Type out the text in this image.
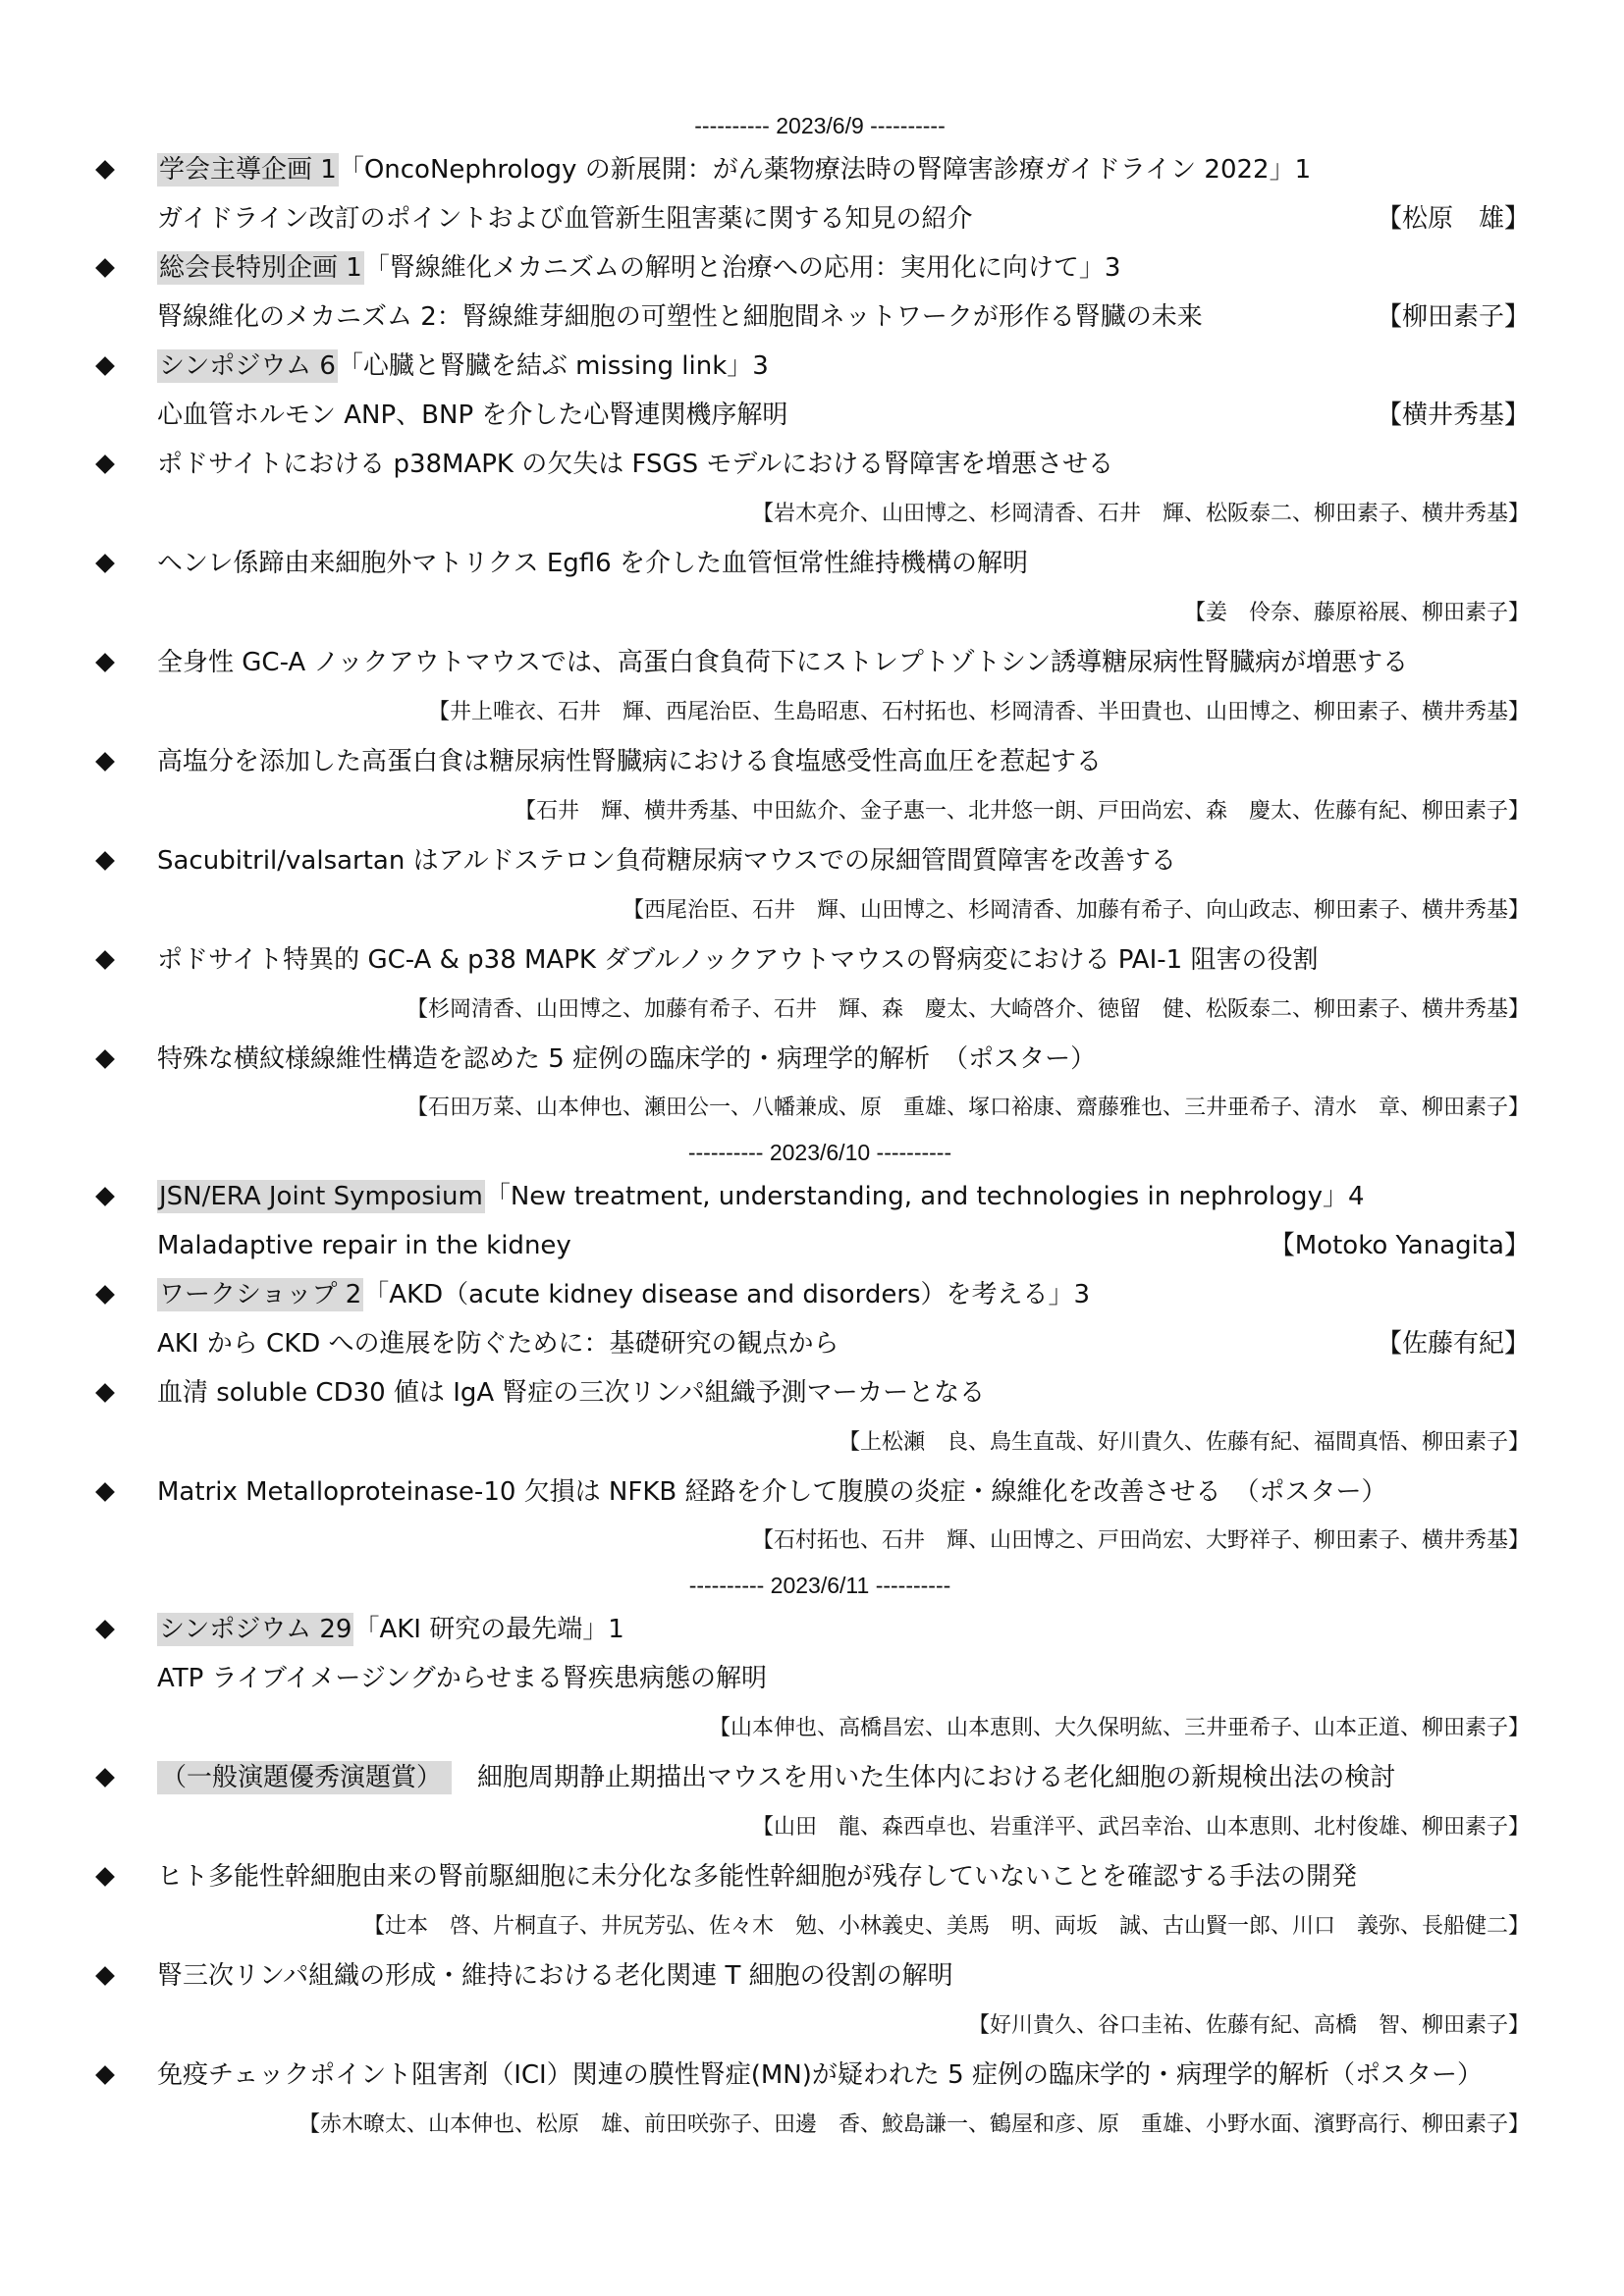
---------- 2023/6/9 ----------
学会主導企画 1「OncoNephrology の新展開：がん薬物療法時の腎障害診療ガイドライン 2022」1
ガイドライン改訂のポイントおよび血管新生阻害薬に関する知見の紹介	【松原　雄】
総会長特別企画 1「腎線維化メカニズムの解明と治療への応用：実用化に向けて」3
腎線維化のメカニズム 2：腎線維芽細胞の可塑性と細胞間ネットワークが形作る腎臓の未来	【柳田素子】
シンポジウム 6「心臓と腎臓を結ぶ missing link」3
心血管ホルモン ANP、BNP を介した心腎連関機序解明	【横井秀基】
ポドサイトにおける p38MAPK の欠失は FSGS モデルにおける腎障害を増悪させる
【岩木亮介、山田博之、杉岡清香、石井　輝、松阪泰二、柳田素子、横井秀基】
ヘンレ係蹄由来細胞外マトリクス Egfl6 を介した血管恒常性維持機構の解明
【姜　伶奈、藤原裕展、柳田素子】
全身性 GC-A ノックアウトマウスでは、高蛋白食負荷下にストレプトゾトシン誘導糖尿病性腎臓病が増悪する
【井上唯衣、石井　輝、西尾治臣、生島昭恵、石村拓也、杉岡清香、半田貴也、山田博之、柳田素子、横井秀基】
高塩分を添加した高蛋白食は糖尿病性腎臓病における食塩感受性高血圧を惹起する
【石井　輝、横井秀基、中田紘介、金子惠一、北井悠一朗、戸田尚宏、森　慶太、佐藤有紀、柳田素子】
Sacubitril/valsartan はアルドステロン負荷糖尿病マウスでの尿細管間質障害を改善する
【西尾治臣、石井　輝、山田博之、杉岡清香、加藤有希子、向山政志、柳田素子、横井秀基】
ポドサイト特異的 GC-A & p38 MAPK ダブルノックアウトマウスの腎病変における PAI-1 阻害の役割
【杉岡清香、山田博之、加藤有希子、石井　輝、森　慶太、大崎啓介、徳留　健、松阪泰二、柳田素子、横井秀基】
特殊な横紋様線維性構造を認めた 5 症例の臨床学的・病理学的解析　（ポスター）
【石田万菜、山本伸也、瀬田公一、八幡兼成、原　重雄、塚口裕康、齋藤雅也、三井亜希子、清水　章、柳田素子】
---------- 2023/6/10 ----------
JSN/ERA Joint Symposium「New treatment, understanding, and technologies in nephrology」4
Maladaptive repair in the kidney	【Motoko Yanagita】
ワークショップ 2「AKD（acute kidney disease and disorders）を考える」3
AKI から CKD への進展を防ぐために：基礎研究の観点から	【佐藤有紀】
血清 soluble CD30 値は IgA 腎症の三次リンパ組織予測マーカーとなる
【上松瀬　良、鳥生直哉、好川貴久、佐藤有紀、福間真悟、柳田素子】
Matrix Metalloproteinase-10 欠損は NFKB 経路を介して腹膜の炎症・線維化を改善させる　（ポスター）
【石村拓也、石井　輝、山田博之、戸田尚宏、大野祥子、柳田素子、横井秀基】
---------- 2023/6/11 ----------
シンポジウム 29「AKI 研究の最先端」1
ATP ライブイメージングからせまる腎疾患病態の解明
【山本伸也、高橋昌宏、山本恵則、大久保明紘、三井亜希子、山本正道、柳田素子】
（一般演題優秀演題賞） 細胞周期静止期描出マウスを用いた生体内における老化細胞の新規検出法の検討
【山田　龍、森西卓也、岩重洋平、武呂幸治、山本恵則、北村俊雄、柳田素子】
ヒト多能性幹細胞由来の腎前駆細胞に未分化な多能性幹細胞が残存していないことを確認する手法の開発
【辻本　啓、片桐直子、井尻芳弘、佐々木　勉、小林義史、美馬　明、両坂　誠、古山賢一郎、川口　義弥、長船健二】
腎三次リンパ組織の形成・維持における老化関連 T 細胞の役割の解明
【好川貴久、谷口圭祐、佐藤有紀、高橋　智、柳田素子】
免疫チェックポイント阻害剤（ICI）関連の膜性腎症(MN)が疑われた 5 症例の臨床学的・病理学的解析（ポスター）
【赤木暸太、山本伸也、松原　雄、前田咲弥子、田邊　香、鮫島謙一、鶴屋和彦、原　重雄、小野水面、濱野高行、柳田素子】
